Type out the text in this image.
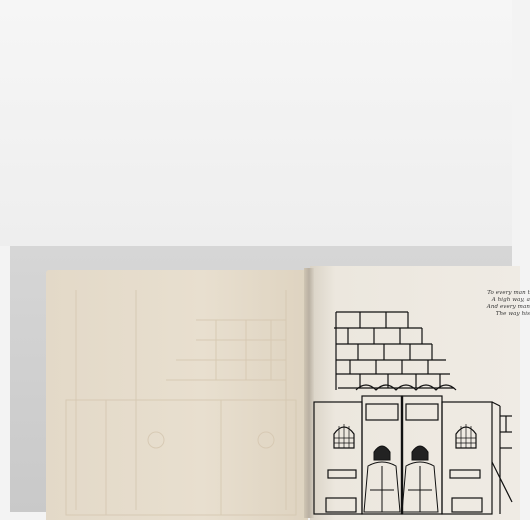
To every man t
A high way, a
And every man
The way his
